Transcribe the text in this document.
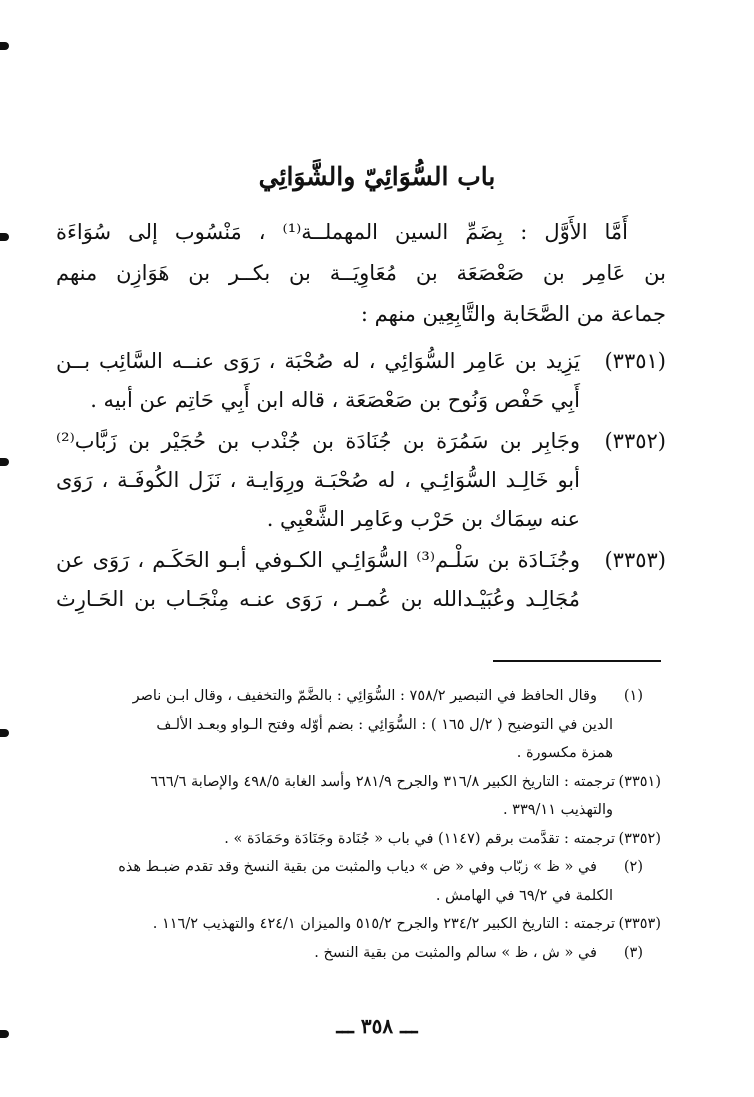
باب السُّوَائِيّ والشَّوَائِي
أَمَّا الأَوَّل : بِضَمِّ السين المهملــة⁽¹⁾ ، مَنْسُوب إلى سُوَاءَة
بن عَامِر بن صَعْصَعَة بن مُعَاوِيَــة بن بكــر بن هَوَازِن منهم
جماعة من الصَّحَابة والتَّابِعِين منهم :
(٣٣٥١)
يَزِيد بن عَامِر السُّوَائِي ، له صُحْبَة ، رَوَى عنــه السَّائِب بــن
أَبِي حَفْص وَنُوح بن صَعْصَعَة ، قاله ابن أَبِي حَاتِم عن أبيه .
(٣٣٥٢)
وجَابِر بن سَمُرَة بن جُنَادَة بن جُنْدب بن حُجَيْر بن زَبَّاب⁽²⁾
أبو خَالِـد السُّوَائِـي ، له صُحْبَـة ورِوَايـة ، نَزَل الكُوفَـة ، رَوَى
عنه سِمَاك بن حَرْب وعَامِر الشَّعْبِي .
(٣٣٥٣)
وجُنَـادَة بن سَلْـم⁽³⁾ السُّوَائِـي الكـوفي أبـو الحَكَـم ، رَوَى عن
مُجَالِـد وعُبَيْـدالله بن عُمـر ، رَوَى عنـه مِنْجَـاب بن الحَـارِث
(١)وقال الحافظ في التبصير ٧٥٨/٢ : السُّوَائِي : بالضَّمّ والتخفيف ، وقال ابـن ناصر
الدين في التوضيح ( ٢/ل ١٦٥ ) : السُّوَائِي : بضم أوّله وفتح الـواو وبعـد الألـف
همزة مكسورة .
(٣٣٥١)ترجمته : التاريخ الكبير ٣١٦/٨ والجرح ٢٨١/٩ وأسد الغابة ٤٩٨/٥ والإصابة ٦٦٦/٦
والتهذيب ٣٣٩/١١ .
(٣٣٥٢)ترجمته : تقدَّمت برقم (١١٤٧) في باب « جُنَادة وجَنَادَة وحَمَادَة » .
(٢)في « ظ » زبّاب وفي « ض » دياب والمثبت من بقية النسخ وقد تقدم ضبـط هذه
الكلمة في ٦٩/٢ في الهامش .
(٣٣٥٣)ترجمته : التاريخ الكبير ٢٣٤/٢ والجرح ٥١٥/٢ والميزان ٤٢٤/١ والتهذيب ١١٦/٢ .
(٣)في « ش ، ظ » سالم والمثبت من بقية النسخ .
ـــ ٣٥٨ ـــ
